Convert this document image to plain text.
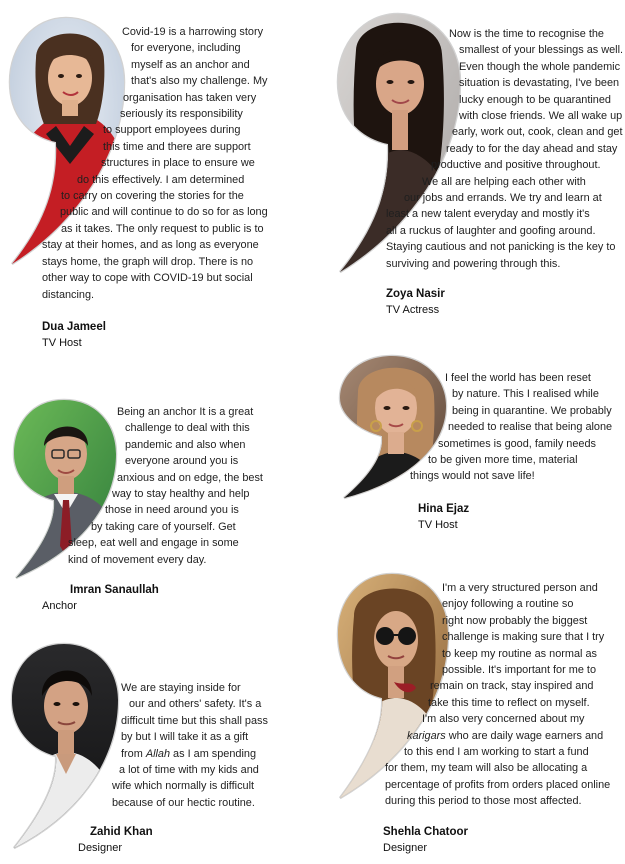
Covid-19 is a harrowing story
for everyone, including
myself as an anchor and
that's also my challenge. My
organisation has taken very
seriously its responsibility
to support employees during
this time and there are support
structures in place to ensure we
do this effectively. I am determined
to carry on covering the stories for the
public and will continue to do so for as long
as it takes. The only request to public is to
stay at their homes, and as long as everyone
stays home, the graph will drop. There is no
other way to cope with COVID-19 but social
distancing.
Dua Jameel
TV Host
Now is the time to recognise the
smallest of your blessings as well.
Even though the whole pandemic
situation is devastating, I've been
lucky enough to be quarantined
with close friends. We all wake up
early, work out, cook, clean and get
ready to for the day ahead and stay
productive and positive throughout.
We all are helping each other with
our jobs and errands. We try and learn at
least a new talent everyday and mostly it's
all a ruckus of laughter and goofing around.
Staying cautious and not panicking is the key to
surviving and powering through this.
Zoya Nasir
TV Actress
Being an anchor It is a great
challenge to deal with this
pandemic and also when
everyone around you is
anxious and on edge, the best
way to stay healthy and help
those in need around you is
by taking care of yourself. Get
sleep, eat well and engage in some
kind of movement every day.
Imran Sanaullah
Anchor
I feel the world has been reset
by nature. This I realised while
being in quarantine. We probably
needed to realise that being alone
sometimes is good, family needs
to be given more time, material
things would not save life!
Hina Ejaz
TV Host
We are staying inside for
our and others' safety. It's a
difficult time but this shall pass
by but I will take it as a gift
from Allah as I am spending
a lot of time with my kids and
wife which normally is difficult
because of our hectic routine.
Zahid Khan
Designer
I'm a very structured person and
enjoy following a routine so
right now probably the biggest
challenge is making sure that I try
to keep my routine as normal as
possible. It's important for me to
remain on track, stay inspired and
take this time to reflect on myself.
I'm also very concerned about my
karigars who are daily wage earners and
to this end I am working to start a fund
for them, my team will also be allocating a
percentage of profits from orders placed online
during this period to those most affected.
Shehla Chatoor
Designer
